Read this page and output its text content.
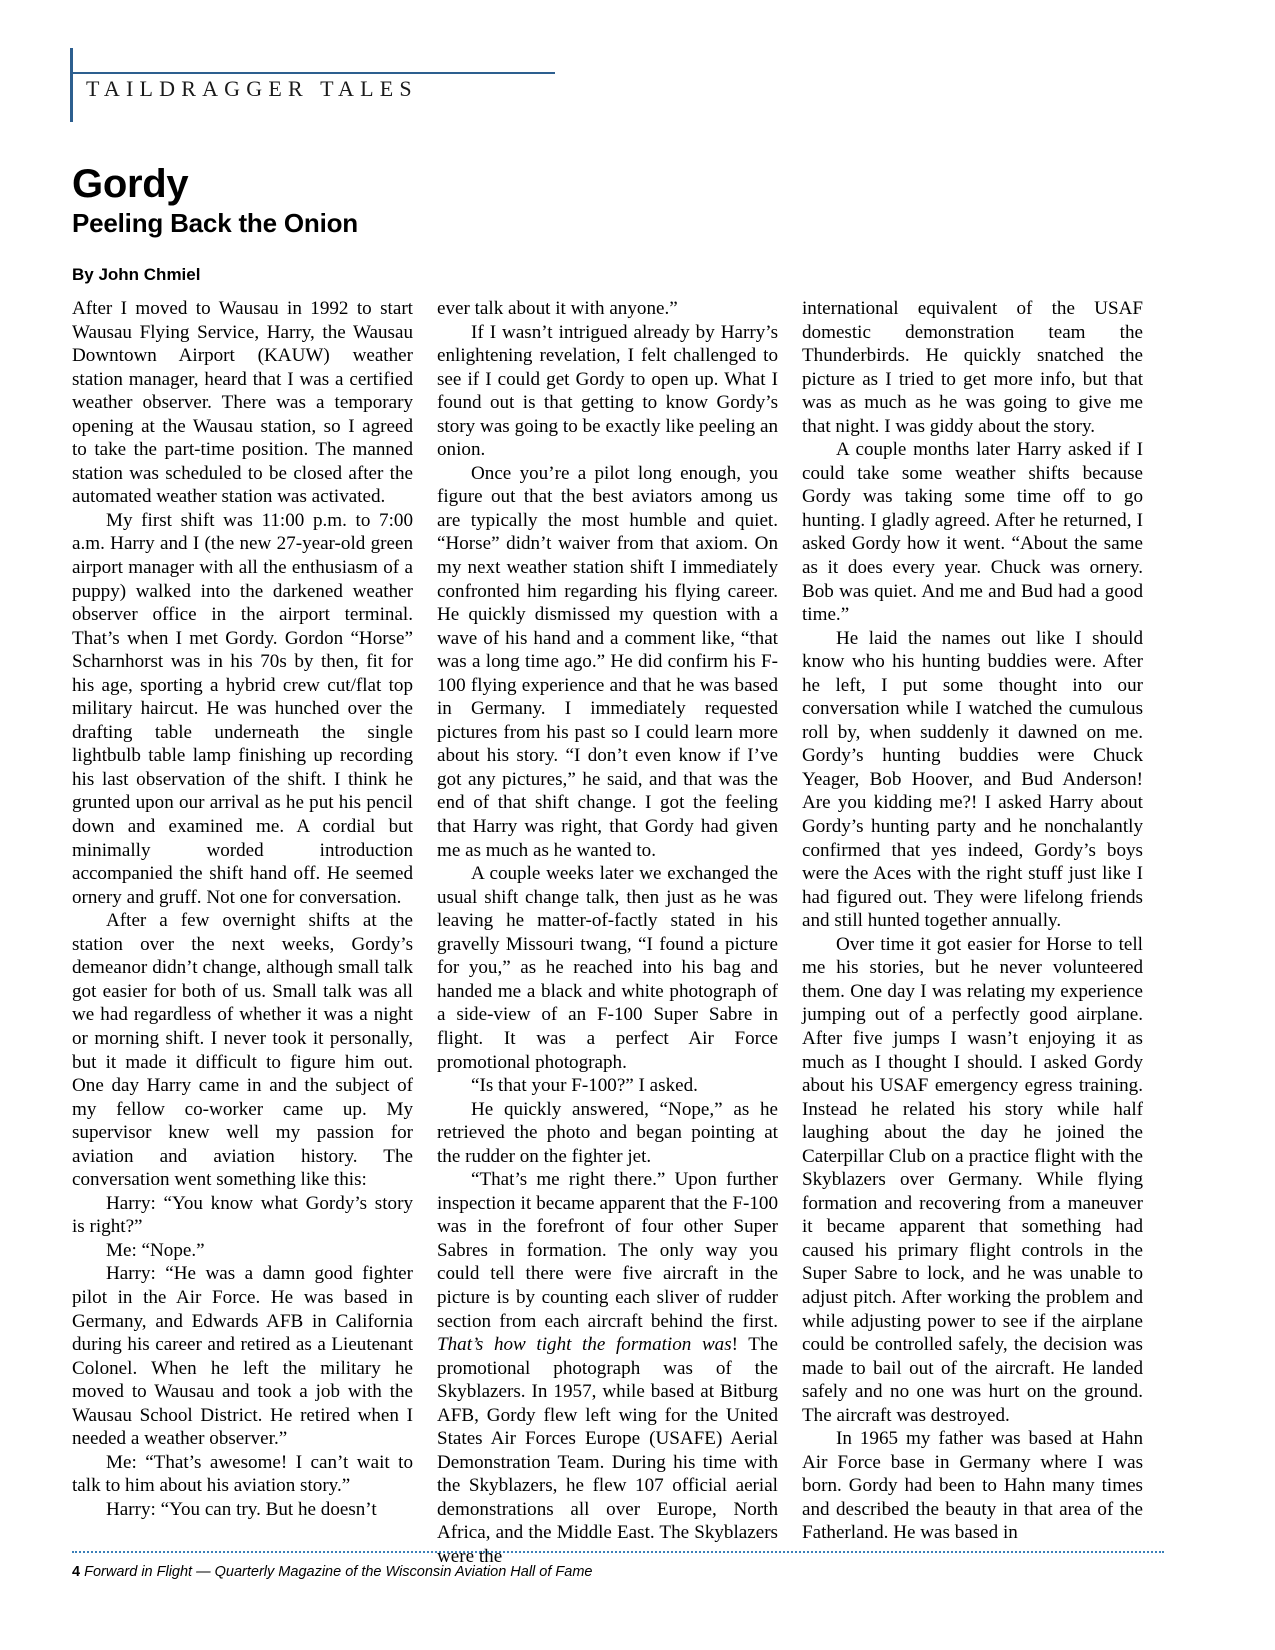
TAILDRAGGER TALES
Gordy
Peeling Back the Onion
By John Chmiel

After I moved to Wausau in 1992 to start Wausau Flying Service, Harry, the Wausau Downtown Airport (KAUW) weather station manager, heard that I was a certified weather observer. There was a temporary opening at the Wausau station, so I agreed to take the part-time position. The manned station was scheduled to be closed after the automated weather station was activated.

My first shift was 11:00 p.m. to 7:00 a.m. Harry and I (the new 27-year-old green airport manager with all the enthusiasm of a puppy) walked into the darkened weather observer office in the airport terminal. That’s when I met Gordy. Gordon “Horse” Scharnhorst was in his 70s by then, fit for his age, sporting a hybrid crew cut/flat top military haircut. He was hunched over the drafting table underneath the single lightbulb table lamp finishing up recording his last observation of the shift. I think he grunted upon our arrival as he put his pencil down and examined me. A cordial but minimally worded introduction accompanied the shift hand off. He seemed ornery and gruff. Not one for conversation.

After a few overnight shifts at the station over the next weeks, Gordy’s demeanor didn’t change, although small talk got easier for both of us. Small talk was all we had regardless of whether it was a night or morning shift. I never took it personally, but it made it difficult to figure him out. One day Harry came in and the subject of my fellow co-worker came up. My supervisor knew well my passion for aviation and aviation history. The conversation went something like this:

Harry: “You know what Gordy’s story is right?”

Me: “Nope.”

Harry: “He was a damn good fighter pilot in the Air Force. He was based in Germany, and Edwards AFB in California during his career and retired as a Lieutenant Colonel. When he left the military he moved to Wausau and took a job with the Wausau School District. He retired when I needed a weather observer.”

Me: “That’s awesome! I can’t wait to talk to him about his aviation story.”

Harry: “You can try. But he doesn’t

ever talk about it with anyone.”

If I wasn’t intrigued already by Harry’s enlightening revelation, I felt challenged to see if I could get Gordy to open up. What I found out is that getting to know Gordy’s story was going to be exactly like peeling an onion.

Once you’re a pilot long enough, you figure out that the best aviators among us are typically the most humble and quiet. “Horse” didn’t waiver from that axiom. On my next weather station shift I immediately confronted him regarding his flying career. He quickly dismissed my question with a wave of his hand and a comment like, “that was a long time ago.” He did confirm his F-100 flying experience and that he was based in Germany. I immediately requested pictures from his past so I could learn more about his story. “I don’t even know if I’ve got any pictures,” he said, and that was the end of that shift change. I got the feeling that Harry was right, that Gordy had given me as much as he wanted to.

A couple weeks later we exchanged the usual shift change talk, then just as he was leaving he matter-of-factly stated in his gravelly Missouri twang, “I found a picture for you,” as he reached into his bag and handed me a black and white photograph of a side-view of an F-100 Super Sabre in flight. It was a perfect Air Force promotional photograph.

“Is that your F-100?” I asked.

He quickly answered, “Nope,” as he retrieved the photo and began pointing at the rudder on the fighter jet.

“That’s me right there.” Upon further inspection it became apparent that the F-100 was in the forefront of four other Super Sabres in formation. The only way you could tell there were five aircraft in the picture is by counting each sliver of rudder section from each aircraft behind the first. That’s how tight the formation was! The promotional photograph was of the Skyblazers. In 1957, while based at Bitburg AFB, Gordy flew left wing for the United States Air Forces Europe (USAFE) Aerial Demonstration Team. During his time with the Skyblazers, he flew 107 official aerial demonstrations all over Europe, North Africa, and the Middle East. The Skyblazers were the

international equivalent of the USAF domestic demonstration team the Thunderbirds. He quickly snatched the picture as I tried to get more info, but that was as much as he was going to give me that night. I was giddy about the story.

A couple months later Harry asked if I could take some weather shifts because Gordy was taking some time off to go hunting. I gladly agreed. After he returned, I asked Gordy how it went. “About the same as it does every year. Chuck was ornery. Bob was quiet. And me and Bud had a good time.”

He laid the names out like I should know who his hunting buddies were. After he left, I put some thought into our conversation while I watched the cumulous roll by, when suddenly it dawned on me. Gordy’s hunting buddies were Chuck Yeager, Bob Hoover, and Bud Anderson! Are you kidding me?! I asked Harry about Gordy’s hunting party and he nonchalantly confirmed that yes indeed, Gordy’s boys were the Aces with the right stuff just like I had figured out. They were lifelong friends and still hunted together annually.

Over time it got easier for Horse to tell me his stories, but he never volunteered them. One day I was relating my experience jumping out of a perfectly good airplane. After five jumps I wasn’t enjoying it as much as I thought I should. I asked Gordy about his USAF emergency egress training. Instead he related his story while half laughing about the day he joined the Caterpillar Club on a practice flight with the Skyblazers over Germany. While flying formation and recovering from a maneuver it became apparent that something had caused his primary flight controls in the Super Sabre to lock, and he was unable to adjust pitch. After working the problem and while adjusting power to see if the airplane could be controlled safely, the decision was made to bail out of the aircraft. He landed safely and no one was hurt on the ground. The aircraft was destroyed.

In 1965 my father was based at Hahn Air Force base in Germany where I was born. Gordy had been to Hahn many times and described the beauty in that area of the Fatherland. He was based in

4 Forward in Flight — Quarterly Magazine of the Wisconsin Aviation Hall of Fame
